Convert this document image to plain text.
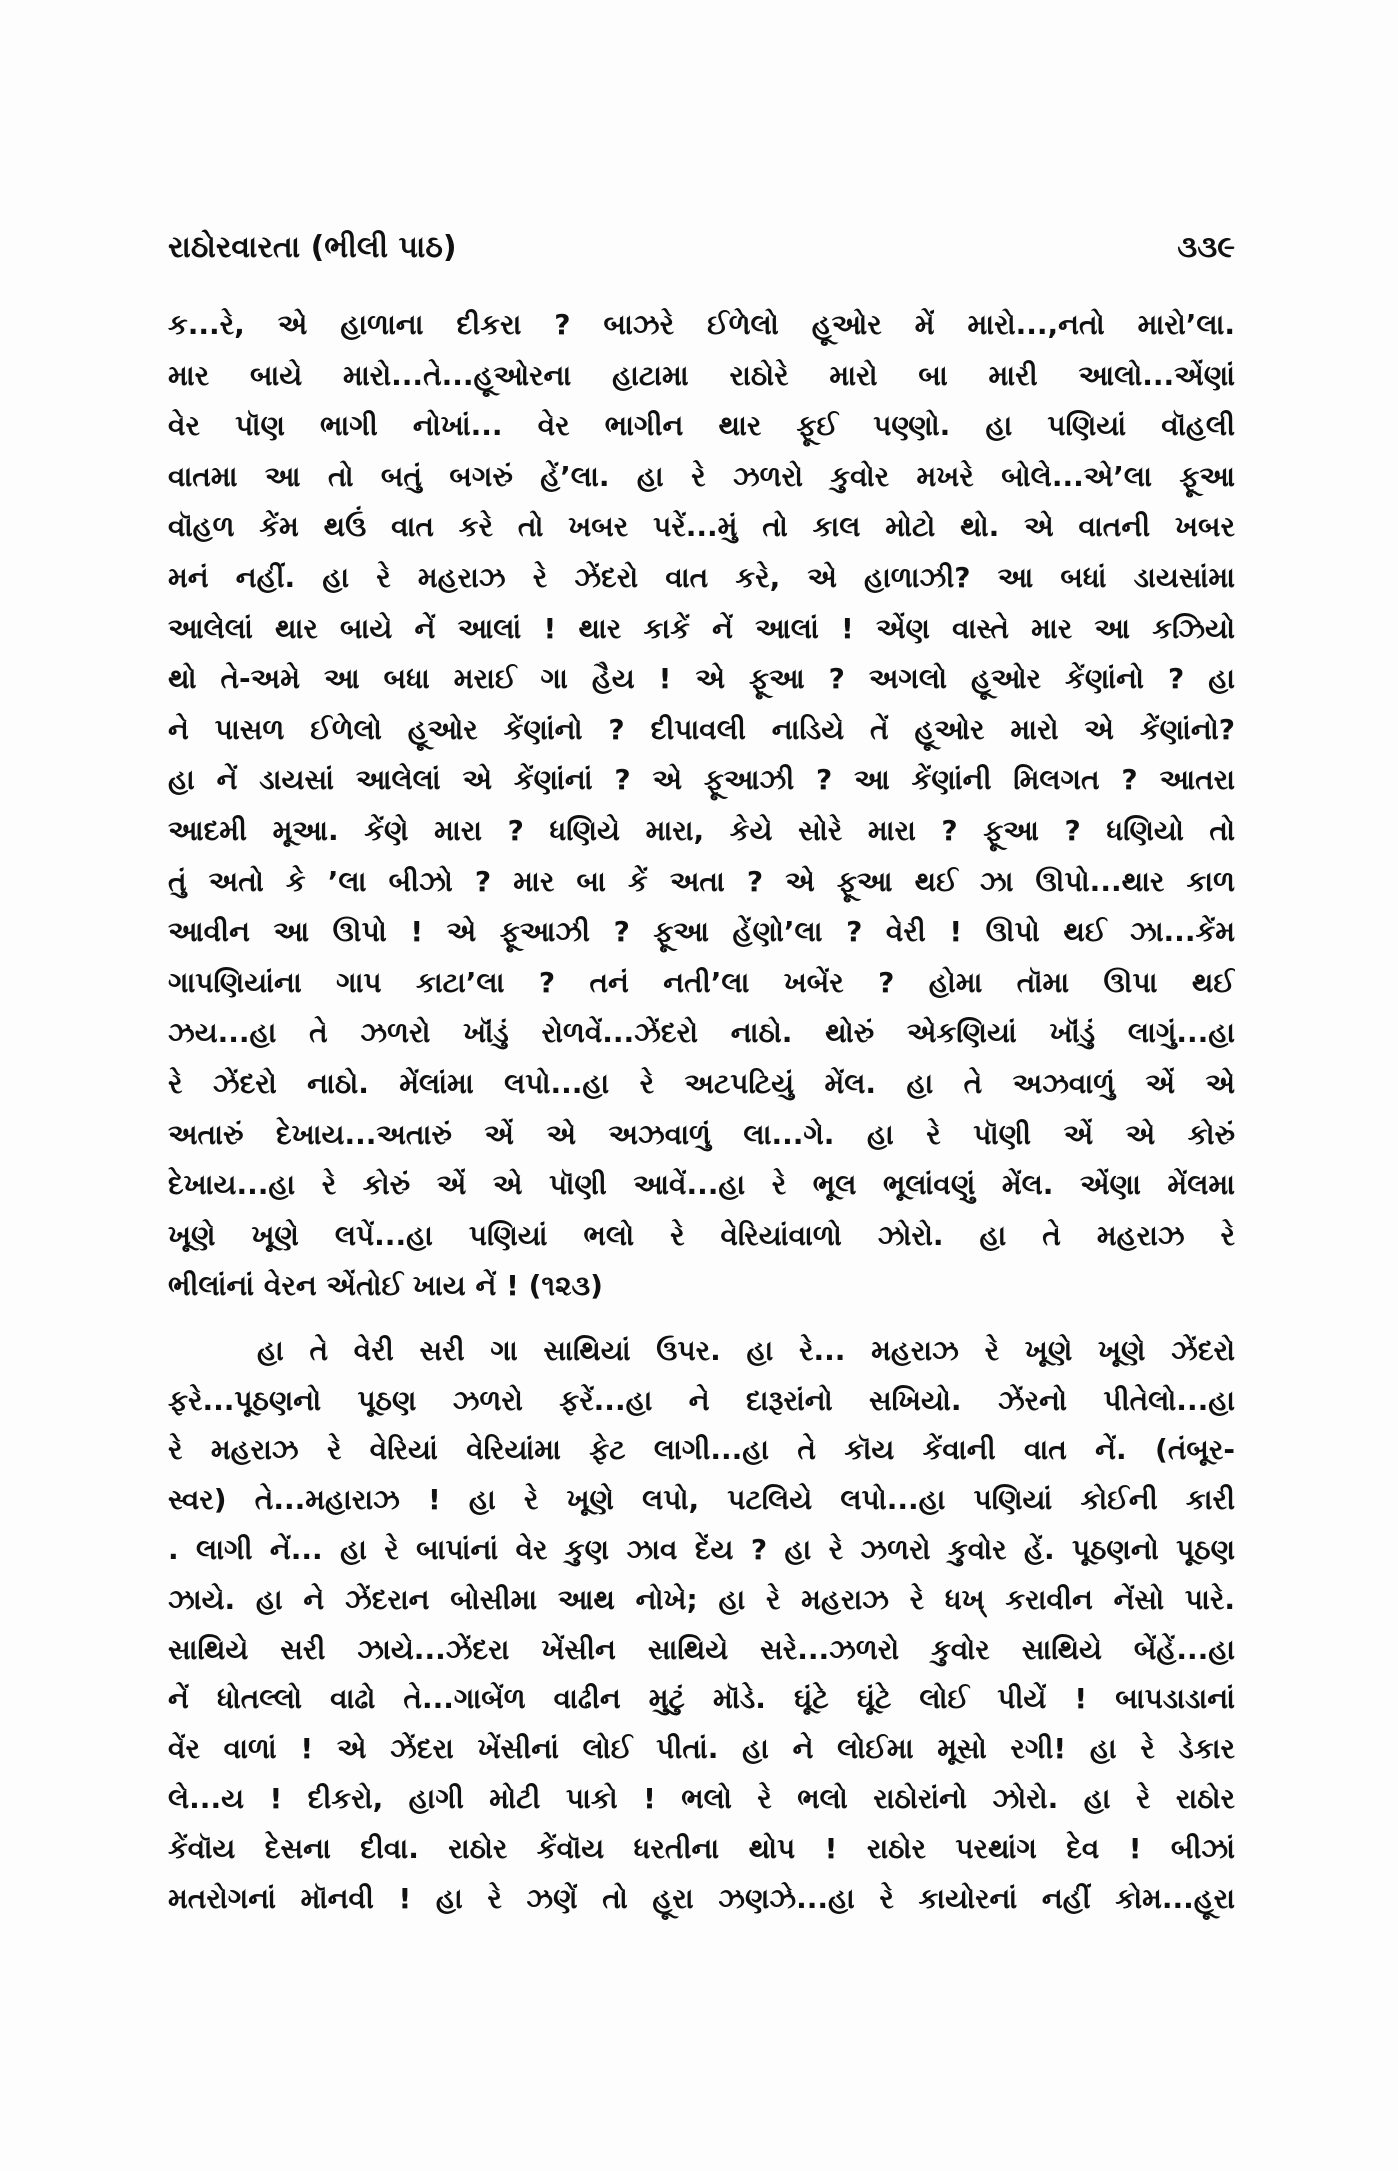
રાઠોરવારતા (ભીલી પાઠ)	૩૩૯
ક...રે, એ હાળાના દીકરા ? બાઝરે ઈળેલો હૂઓર મેં મારો...,નતો મારો’લા.
માર બાયે મારો...તે...હૂઓરના હાટામા રાઠોરે મારો બા મારી આલો...એંણાં
વેર પૉણ ભાગી નોખાં... વેર ભાગીન થાર ફૂઈ પણ્ણો. હા પણિયાં વૉહલી
વાતમા આ તો બતું બગરું હેં’લા. હા રે ઝળરો કુવોર મખરે બોલે...એ’લા ફૂઆ
વૉહળ કેંમ થઉં વાત કરે તો ખબર પરેં...મું તો કાલ મોટો થો. એ વાતની ખબર
મનં નહીં. હા રે મહરાઝ રે ઝેંદરો વાત કરે, એ હાળાઝી? આ બધાં ડાયસાંમા
આલેલાં થાર બાયે નેં આલાં ! થાર કાકેં નેં આલાં ! એંણ વાસ્તે માર આ કઝિયો
થો તે-અમે આ બધા મરાઈ ગા હૈય ! એ ફૂઆ ? અગલો હૂઓર કેંણાંનો ? હા
ને પાસળ ઈળેલો હૂઓર કેંણાંનો ? દીપાવલી નાડિયે તેં હૂઓર મારો એ કેંણાંનો?
હા નેં ડાયસાં આલેલાં એ કેંણાંનાં ? એ ફૂઆઝી ? આ કેંણાંની મિલગત ? આતરા
આદમી મૂઆ. કેંણે મારા ? ધણિયે મારા, કેયે સોરે મારા ? ફૂઆ ? ધણિયો તો
તું અતો કે ’લા બીઝો ? માર બા કેં અતા ? એ ફૂઆ થઈ ઝા ઊપો...થાર કાળ
આવીન આ ઊપો ! એ ફૂઆઝી ? ફૂઆ હેંણો’લા ? વેરી ! ઊપો થઈ ઝા...કેંમ
ગાપણિયાંના ગાપ કાટા’લા ? તનં નતી’લા ખબેંર ? હોમા તૉમા ઊપા થઈ
ઝય...હા તે ઝળરો ખૉંડું રોળવેં...ઝેંદરો નાઠો. થોરું એકણિયાં ખૉંડું લાગું...હા
રે ઝેંદરો નાઠો. મેંલાંમા લપો...હા રે અટપટિયું મેંલ. હા તે અઝવાળું એં એ
અતારું દેખાય...અતારું એં એ અઝવાળું લા...ગે. હા રે પૉણી એં એ કોરું
દેખાય...હા રે કોરું એં એ પૉણી આવેં...હા રે ભૂલ ભૂલાંવણું મેંલ. એંણા મેંલમા
ખૂણે ખૂણે લપેં...હા પણિયાં ભલો રે વેરિયાંવાળો ઝોરો. હા તે મહરાઝ રે
ભીલાંનાં વેરન એંતોઈ ખાય નેં ! (૧૨૩)
હા તે વેરી સરી ગા સાથિયાં ઉપર. હા રે... મહરાઝ રે ખૂણે ખૂણે ઝેંદરો
ફરે...પૂઠણનો પૂઠણ ઝળરો ફરેં...હા ને દારૂરાંનો સખિયો. ઝેંરનો પીતેલો...હા
રે મહરાઝ રે વેરિયાં વેરિયાંમા ફેટ લાગી...હા તે કૉય કેંવાની વાત નેં. (તંબૂર-
સ્વર) તે...મહારાઝ ! હા રે ખૂણે લપો, પટલિયે લપો...હા પણિયાં કોઈની કારી
. લાગી નેં... હા રે બાપાંનાં વેર કુણ ઝાવ દેંય ? હા રે ઝળરો કુવોર હેં. પૂઠણનો પૂઠણ
ઝાયે. હા ને ઝેંદરાન બોસીમા આથ નોખે; હા રે મહરાઝ રે ધખ્ કરાવીન નેંસો પારે.
સાથિયે સરી ઝાયે...ઝેંદરા ખેંસીન સાથિયે સરે...ઝળરો કુવોર સાથિયે બેંહેં...હા
નેં ધોતલ્લો વાઢો તે...ગાબેંળ વાઢીન મુટું મૉડે. ઘૂંટે ઘૂંટે લોઈ પીયેં ! બાપડાડાનાં
વેંર વાળાં ! એ ઝેંદરા ખેંસીનાં લોઈ પીતાં. હા ને લોઈમા મૂસો રગી! હા રે ડેકાર
લે...ય ! દીકરો, હાગી મોટી પાકો ! ભલો રે ભલો રાઠોરાંનો ઝોરો. હા રે રાઠોર
કેંવૉય દેસના દીવા. રાઠોર કેંવૉય ધરતીના થોપ ! રાઠોર પરથાંગ દેવ ! બીઝાં
મતરોગનાં મૉનવી ! હા રે ઝણેં તો હૂરા ઝણઝે...હા રે કાયોરનાં નહીં કોમ...હૂરા
